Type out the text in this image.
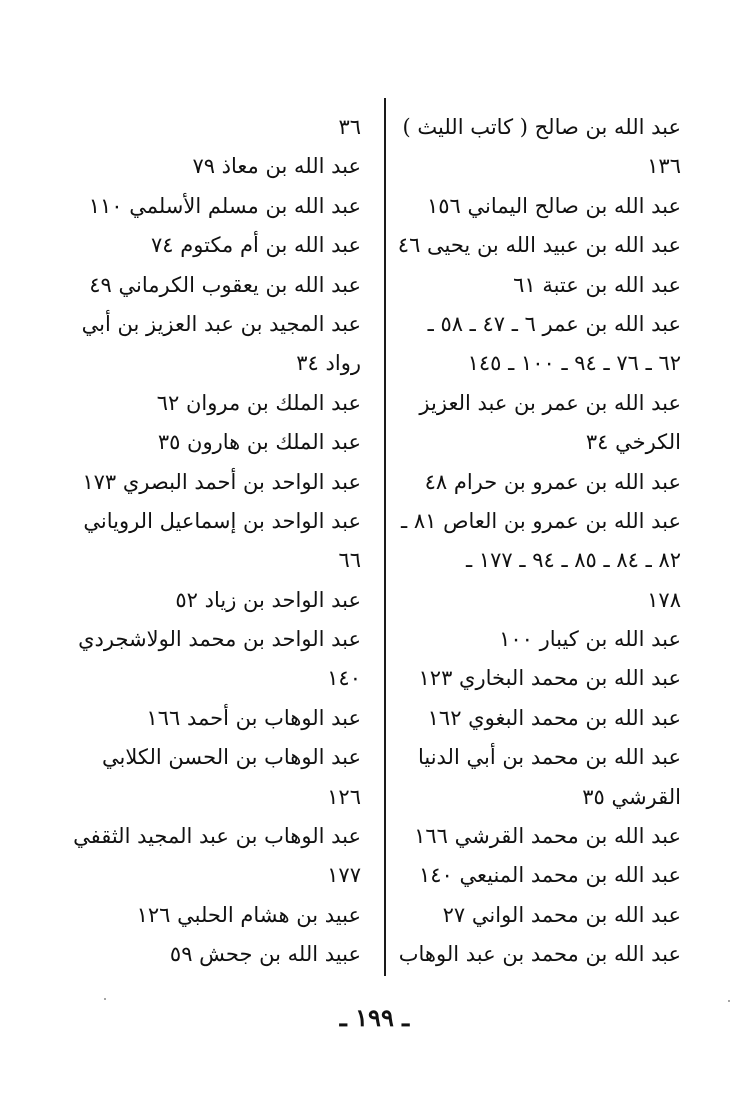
عبد الله بن صالح ( كاتب الليث )
١٣٦
عبد الله بن صالح اليماني ١٥٦
عبد الله بن عبيد الله بن يحيى ٤٦
عبد الله بن عتبة ٦١
عبد الله بن عمر ٦ ـ ٤٧ ـ ٥٨ ـ
٦٢ ـ ٧٦ ـ ٩٤ ـ ١٠٠ ـ ١٤٥
عبد الله بن عمر بن عبد العزيز
الكرخي ٣٤
عبد الله بن عمرو بن حرام ٤٨
عبد الله بن عمرو بن العاص ٨١ ـ
٨٢ ـ ٨٤ ـ ٨٥ ـ ٩٤ ـ ١٧٧ ـ
١٧٨
عبد الله بن كيبار ١٠٠
عبد الله بن محمد البخاري ١٢٣
عبد الله بن محمد البغوي ١٦٢
عبد الله بن محمد بن أبي الدنيا
القرشي ٣٥
عبد الله بن محمد القرشي ١٦٦
عبد الله بن محمد المنيعي ١٤٠
عبد الله بن محمد الواني ٢٧
عبد الله بن محمد بن عبد الوهاب
٣٦
عبد الله بن معاذ ٧٩
عبد الله بن مسلم الأسلمي ١١٠
عبد الله بن أم مكتوم ٧٤
عبد الله بن يعقوب الكرماني ٤٩
عبد المجيد بن عبد العزيز بن أبي
رواد ٣٤
عبد الملك بن مروان ٦٢
عبد الملك بن هارون ٣٥
عبد الواحد بن أحمد البصري ١٧٣
عبد الواحد بن إسماعيل الروياني
٦٦
عبد الواحد بن زياد ٥٢
عبد الواحد بن محمد الولاشجردي
١٤٠
عبد الوهاب بن أحمد ١٦٦
عبد الوهاب بن الحسن الكلابي
١٢٦
عبد الوهاب بن عبد المجيد الثقفي
١٧٧
عبيد بن هشام الحلبي ١٢٦
عبيد الله بن جحش ٥٩
ـ ١٩٩ ـ
